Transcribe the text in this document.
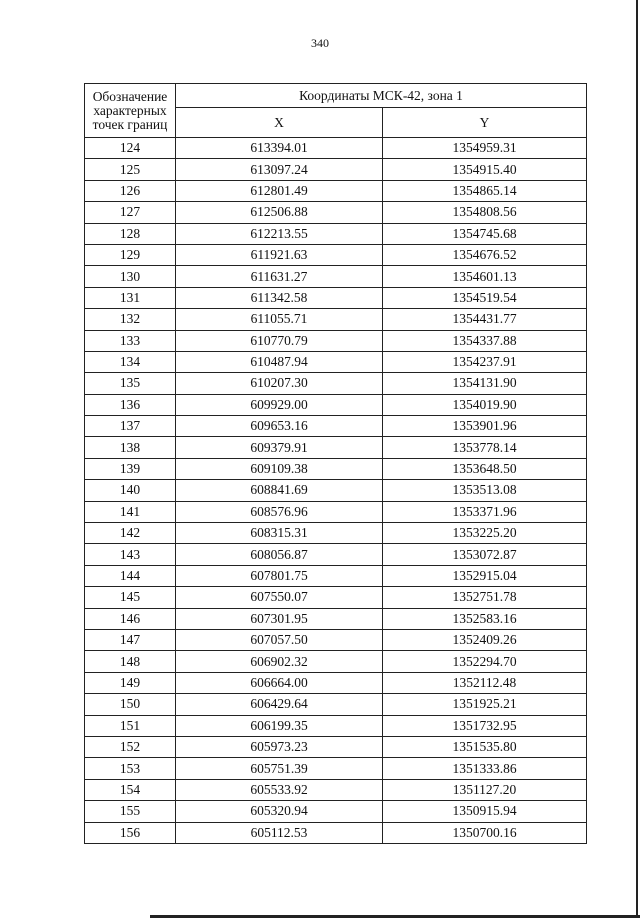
340
Обозначение
характерных
точек границ	Координаты МСК-42, зона 1	
	X	Y
124	613394.01	1354959.31
125	613097.24	1354915.40
126	612801.49	1354865.14
127	612506.88	1354808.56
128	612213.55	1354745.68
129	611921.63	1354676.52
130	611631.27	1354601.13
131	611342.58	1354519.54
132	611055.71	1354431.77
133	610770.79	1354337.88
134	610487.94	1354237.91
135	610207.30	1354131.90
136	609929.00	1354019.90
137	609653.16	1353901.96
138	609379.91	1353778.14
139	609109.38	1353648.50
140	608841.69	1353513.08
141	608576.96	1353371.96
142	608315.31	1353225.20
143	608056.87	1353072.87
144	607801.75	1352915.04
145	607550.07	1352751.78
146	607301.95	1352583.16
147	607057.50	1352409.26
148	606902.32	1352294.70
149	606664.00	1352112.48
150	606429.64	1351925.21
151	606199.35	1351732.95
152	605973.23	1351535.80
153	605751.39	1351333.86
154	605533.92	1351127.20
155	605320.94	1350915.94
156	605112.53	1350700.16
